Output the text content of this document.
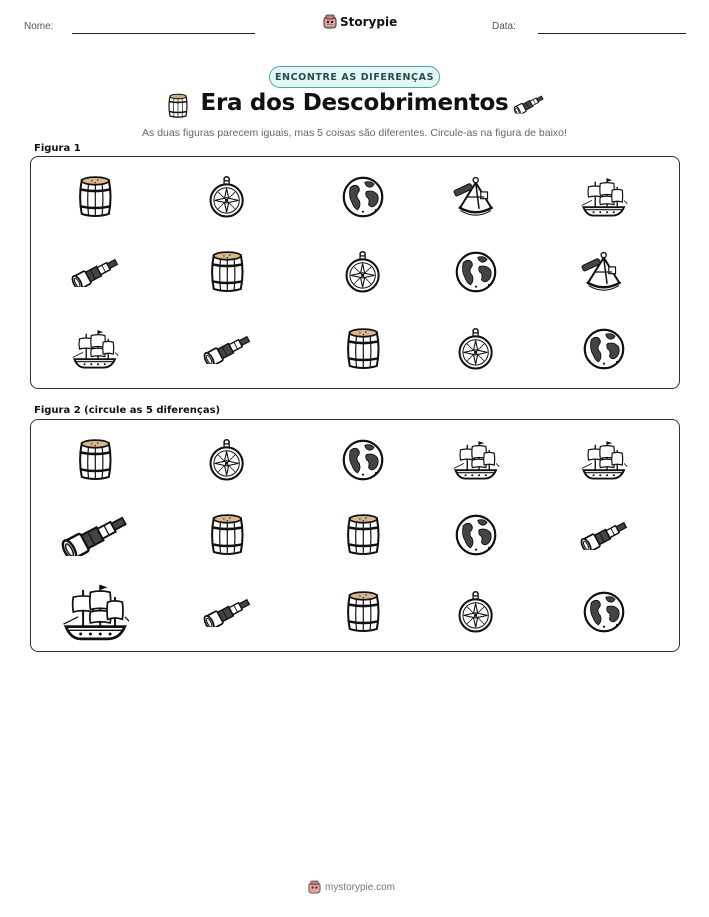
Nome:	Storypie	Data:
ENCONTRE AS DIFERENÇAS
Era dos Descobrimentos
As duas figuras parecem iguais, mas 5 coisas são diferentes. Circule-as na figura de baixo!
Figura 1
Figura 2 (circule as 5 diferenças)
mystorypie.com
